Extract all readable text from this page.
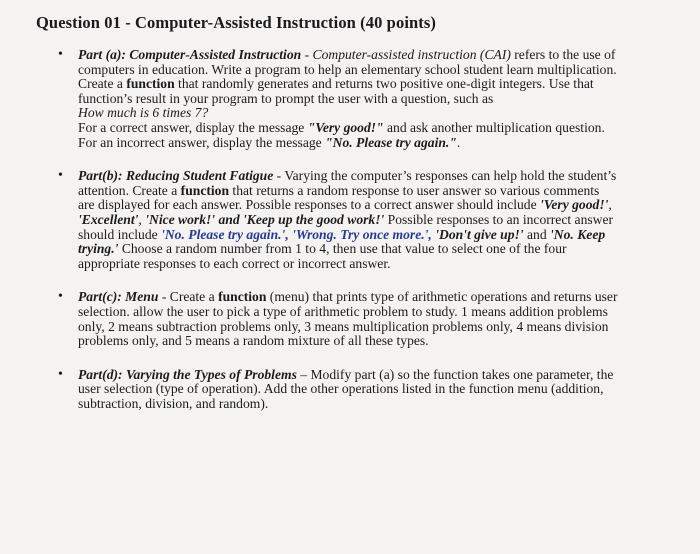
Question 01 - Computer-Assisted Instruction (40 points)
• Part (a): Computer-Assisted Instruction - Computer-assisted instruction (CAI) refers to the use of computers in education. Write a program to help an elementary school student learn multiplication. Create a function that randomly generates and returns two positive one-digit integers. Use that function’s result in your program to prompt the user with a question, such as
How much is 6 times 7?
For a correct answer, display the message "Very good!" and ask another multiplication question. For an incorrect answer, display the message "No. Please try again.".
• Part(b): Reducing Student Fatigue - Varying the computer’s responses can help hold the student’s attention. Create a function that returns a random response to user answer so various comments are displayed for each answer. Possible responses to a correct answer should include 'Very good!', 'Excellent', 'Nice work!' and 'Keep up the good work!' Possible responses to an incorrect answer should include 'No. Please try again.', 'Wrong. Try once more.', 'Don't give up!' and 'No. Keep trying.' Choose a random number from 1 to 4, then use that value to select one of the four appropriate responses to each correct or incorrect answer.
• Part(c): Menu - Create a function (menu) that prints type of arithmetic operations and returns user selection. allow the user to pick a type of arithmetic problem to study. 1 means addition problems only, 2 means subtraction problems only, 3 means multiplication problems only, 4 means division problems only, and 5 means a random mixture of all these types.
• Part(d): Varying the Types of Problems – Modify part (a) so the function takes one parameter, the user selection (type of operation). Add the other operations listed in the function menu (addition, subtraction, division, and random).
